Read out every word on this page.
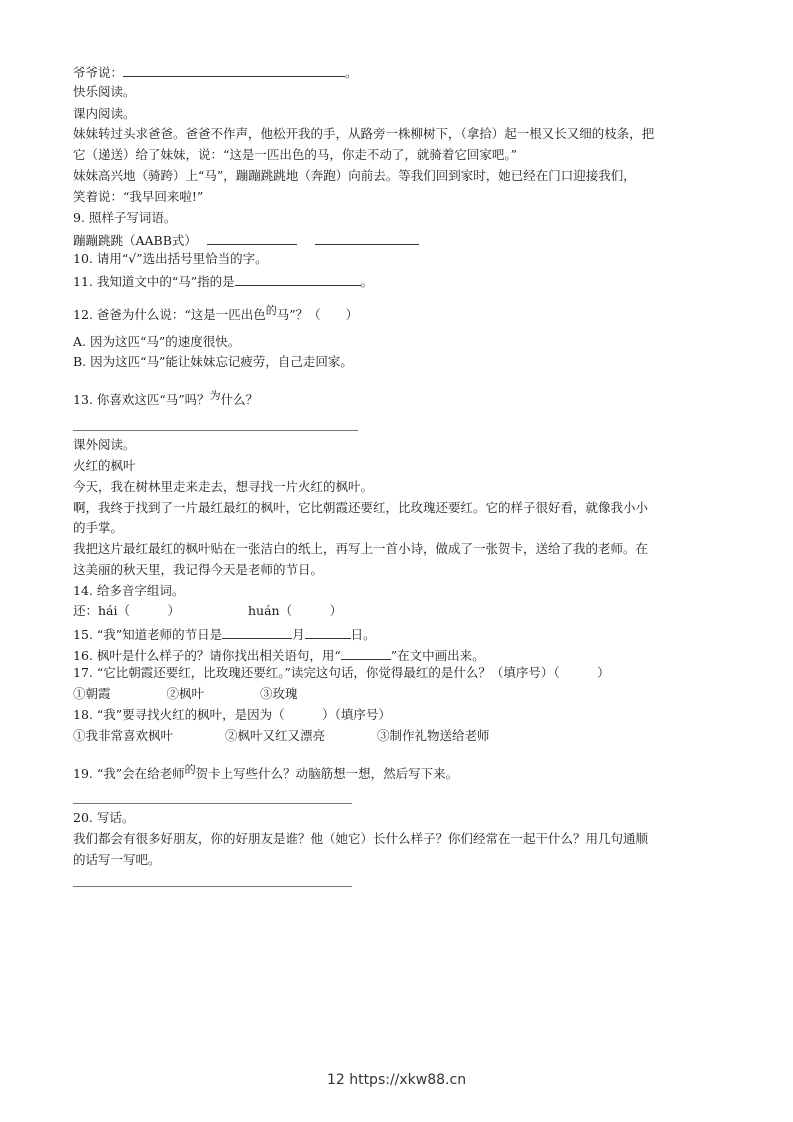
爷爷说：	。
快乐阅读。
课内阅读。
妹妹转过头求爸爸。爸爸不作声，他松开我的手，从路旁一株柳树下，（拿拾）起一根又长又细的枝条，把
它（递送）给了妹妹，说：“这是一匹出色的马，你走不动了，就骑着它回家吧。”
妹妹高兴地（骑跨）上“马”，蹦蹦跳跳地（奔跑）向前去。等我们回到家时，她已经在门口迎接我们，
笑着说：“我早回来啦!”
9. 照样子写词语。
蹦蹦跳跳（AABB式）
10. 请用“√”选出括号里恰当的字。
11. 我知道文中的“马”指的是	。
12. 爸爸为什么说：“这是一匹出色的马”？（　　）
A. 因为这匹“马”的速度很快。
B. 因为这匹“马”能让妹妹忘记疲劳，自己走回家。
13. 你喜欢这匹“马”吗？为什么？
课外阅读。
火红的枫叶
今天，我在树林里走来走去，想寻找一片火红的枫叶。
啊，我终于找到了一片最红最红的枫叶，它比朝霞还要红，比玫瑰还要红。它的样子很好看，就像我小小
的手掌。
我把这片最红最红的枫叶贴在一张洁白的纸上，再写上一首小诗，做成了一张贺卡，送给了我的老师。在
这美丽的秋天里，我记得今天是老师的节日。
14. 给多音字组词。
还：hái（　　　）	huán（　　　）
15. “我”知道老师的节日是	月	日。
16. 枫叶是什么样子的？请你找出相关语句，用“	”在文中画出来。
17. “它比朝霞还要红，比玫瑰还要红。”读完这句话，你觉得最红的是什么？（填序号）（　　　）
①朝霞	②枫叶	③玫瑰
18. “我”要寻找火红的枫叶，是因为（　　　）（填序号）
①我非常喜欢枫叶	②枫叶又红又漂亮	③制作礼物送给老师
19. “我”会在给老师的贺卡上写些什么？动脑筋想一想，然后写下来。
20. 写话。
我们都会有很多好朋友，你的好朋友是谁？他（她它）长什么样子？你们经常在一起干什么？用几句通顺
的话写一写吧。
12 https://xkw88.cn
